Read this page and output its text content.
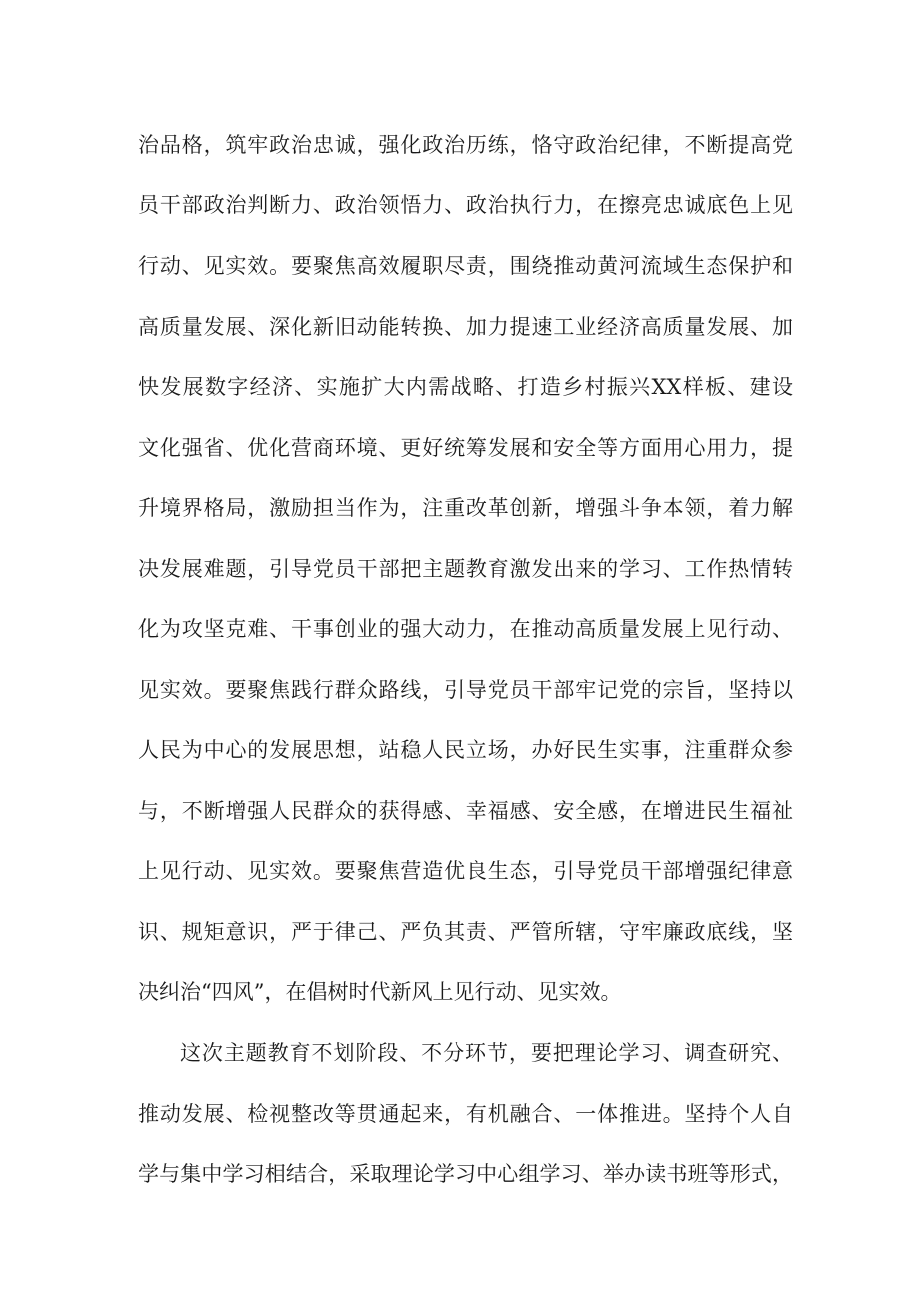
治品格，筑牢政治忠诚，强化政治历练，恪守政治纪律，不断提高党
员干部政治判断力、政治领悟力、政治执行力，在擦亮忠诚底色上见
行动、见实效。要聚焦高效履职尽责，围绕推动黄河流域生态保护和
高质量发展、深化新旧动能转换、加力提速工业经济高质量发展、加
快发展数字经济、实施扩大内需战略、打造乡村振兴XX样板、建设
文化强省、优化营商环境、更好统筹发展和安全等方面用心用力，提
升境界格局，激励担当作为，注重改革创新，增强斗争本领，着力解
决发展难题，引导党员干部把主题教育激发出来的学习、工作热情转
化为攻坚克难、干事创业的强大动力，在推动高质量发展上见行动、
见实效。要聚焦践行群众路线，引导党员干部牢记党的宗旨，坚持以
人民为中心的发展思想，站稳人民立场，办好民生实事，注重群众参
与，不断增强人民群众的获得感、幸福感、安全感，在增进民生福祉
上见行动、见实效。要聚焦营造优良生态，引导党员干部增强纪律意
识、规矩意识，严于律己、严负其责、严管所辖，守牢廉政底线，坚
决纠治“四风”，在倡树时代新风上见行动、见实效。
这次主题教育不划阶段、不分环节，要把理论学习、调查研究、
推动发展、检视整改等贯通起来，有机融合、一体推进。坚持个人自
学与集中学习相结合，采取理论学习中心组学习、举办读书班等形式，
